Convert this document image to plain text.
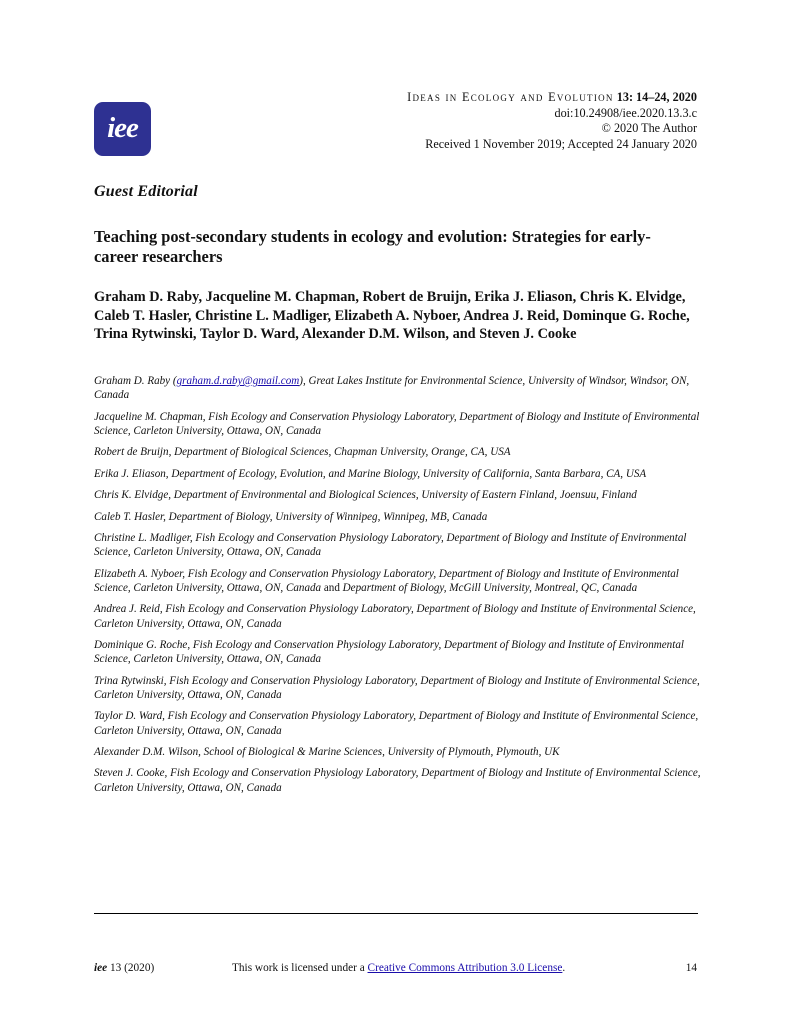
iee
Ideas in Ecology and Evolution 13: 14–24, 2020
doi:10.24908/iee.2020.13.3.c
© 2020 The Author
Received 1 November 2019; Accepted 24 January 2020
Guest Editorial
Teaching post-secondary students in ecology and evolution: Strategies for early-career researchers
Graham D. Raby, Jacqueline M. Chapman, Robert de Bruijn, Erika J. Eliason, Chris K. Elvidge, Caleb T. Hasler, Christine L. Madliger, Elizabeth A. Nyboer, Andrea J. Reid, Dominque G. Roche, Trina Rytwinski, Taylor D. Ward, Alexander D.M. Wilson, and Steven J. Cooke

Graham D. Raby (graham.d.raby@gmail.com), Great Lakes Institute for Environmental Science, University of Windsor, Windsor, ON, Canada

Jacqueline M. Chapman, Fish Ecology and Conservation Physiology Laboratory, Department of Biology and Institute of Environmental Science, Carleton University, Ottawa, ON, Canada

Robert de Bruijn, Department of Biological Sciences, Chapman University, Orange, CA, USA

Erika J. Eliason, Department of Ecology, Evolution, and Marine Biology, University of California, Santa Barbara, CA, USA

Chris K. Elvidge, Department of Environmental and Biological Sciences, University of Eastern Finland, Joensuu, Finland

Caleb T. Hasler, Department of Biology, University of Winnipeg, Winnipeg, MB, Canada

Christine L. Madliger, Fish Ecology and Conservation Physiology Laboratory, Department of Biology and Institute of Environmental Science, Carleton University, Ottawa, ON, Canada

Elizabeth A. Nyboer, Fish Ecology and Conservation Physiology Laboratory, Department of Biology and Institute of Environmental Science, Carleton University, Ottawa, ON, Canada and Department of Biology, McGill University, Montreal, QC, Canada

Andrea J. Reid, Fish Ecology and Conservation Physiology Laboratory, Department of Biology and Institute of Environmental Science, Carleton University, Ottawa, ON, Canada

Dominique G. Roche, Fish Ecology and Conservation Physiology Laboratory, Department of Biology and Institute of Environmental Science, Carleton University, Ottawa, ON, Canada

Trina Rytwinski, Fish Ecology and Conservation Physiology Laboratory, Department of Biology and Institute of Environmental Science, Carleton University, Ottawa, ON, Canada

Taylor D. Ward, Fish Ecology and Conservation Physiology Laboratory, Department of Biology and Institute of Environmental Science, Carleton University, Ottawa, ON, Canada

Alexander D.M. Wilson, School of Biological & Marine Sciences, University of Plymouth, Plymouth, UK

Steven J. Cooke, Fish Ecology and Conservation Physiology Laboratory, Department of Biology and Institute of Environmental Science, Carleton University, Ottawa, ON, Canada

iee 13 (2020)	This work is licensed under a Creative Commons Attribution 3.0 License.	14
